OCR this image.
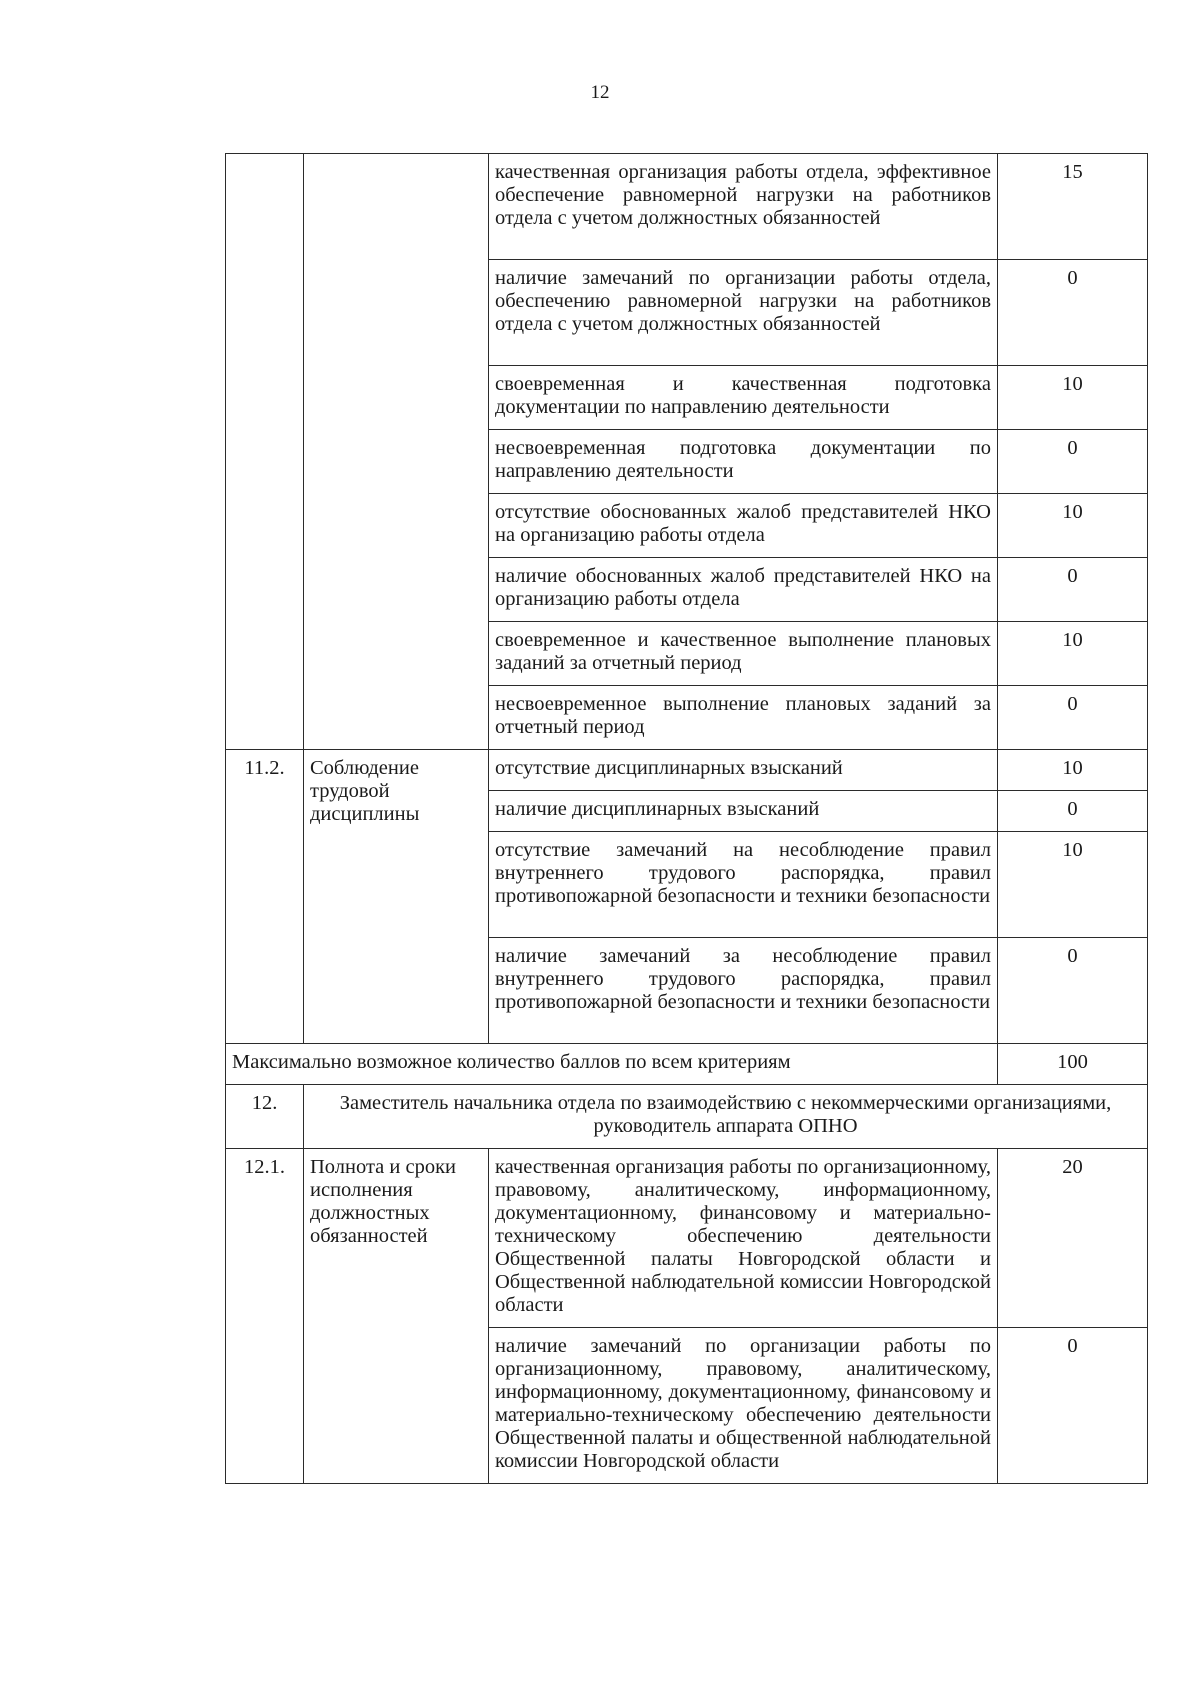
12
		качественная организация работы отдела, эффективное обеспечение равномерной нагрузки на работников отдела с учетом должностных обязанностей	15
		наличие замечаний по организации работы отдела, обеспечению равномерной нагрузки на работников отдела с учетом должностных обязанностей	0
		своевременная и качественная подготовка документации по направлению деятельности	10
		несвоевременная подготовка документации по направлению деятельности	0
		отсутствие обоснованных жалоб представителей НКО на организацию работы отдела	10
		наличие обоснованных жалоб представителей НКО на организацию работы отдела	0
		своевременное и качественное выполнение плановых заданий за отчетный период	10
		несвоевременное выполнение плановых заданий за отчетный период	0
11.2.	Соблюдение трудовой дисциплины	отсутствие дисциплинарных взысканий	10
		наличие дисциплинарных взысканий	0
		отсутствие замечаний на несоблюдение правил внутреннего трудового распорядка, правил противопожарной безопасности и техники безопасности	10
		наличие замечаний за несоблюдение правил внутреннего трудового распорядка, правил противопожарной безопасности и техники безопасности	0
Максимально возможное количество баллов по всем критериям			100
12.	Заместитель начальника отдела по взаимодействию с некоммерческими организациями, руководитель аппарата ОПНО		
12.1.	Полнота и сроки исполнения должностных обязанностей	качественная организация работы по организационному, правовому, аналитическому, информационному, документационному, финансовому и материально-техническому обеспечению деятельности Общественной палаты Новгородской области и Общественной наблюдательной комиссии Новгородской области	20
		наличие замечаний по организации работы по организационному, правовому, аналитическому, информационному, документационному, финансовому и материально-техническому обеспечению деятельности Общественной палаты и общественной наблюдательной комиссии Новгородской области	0
